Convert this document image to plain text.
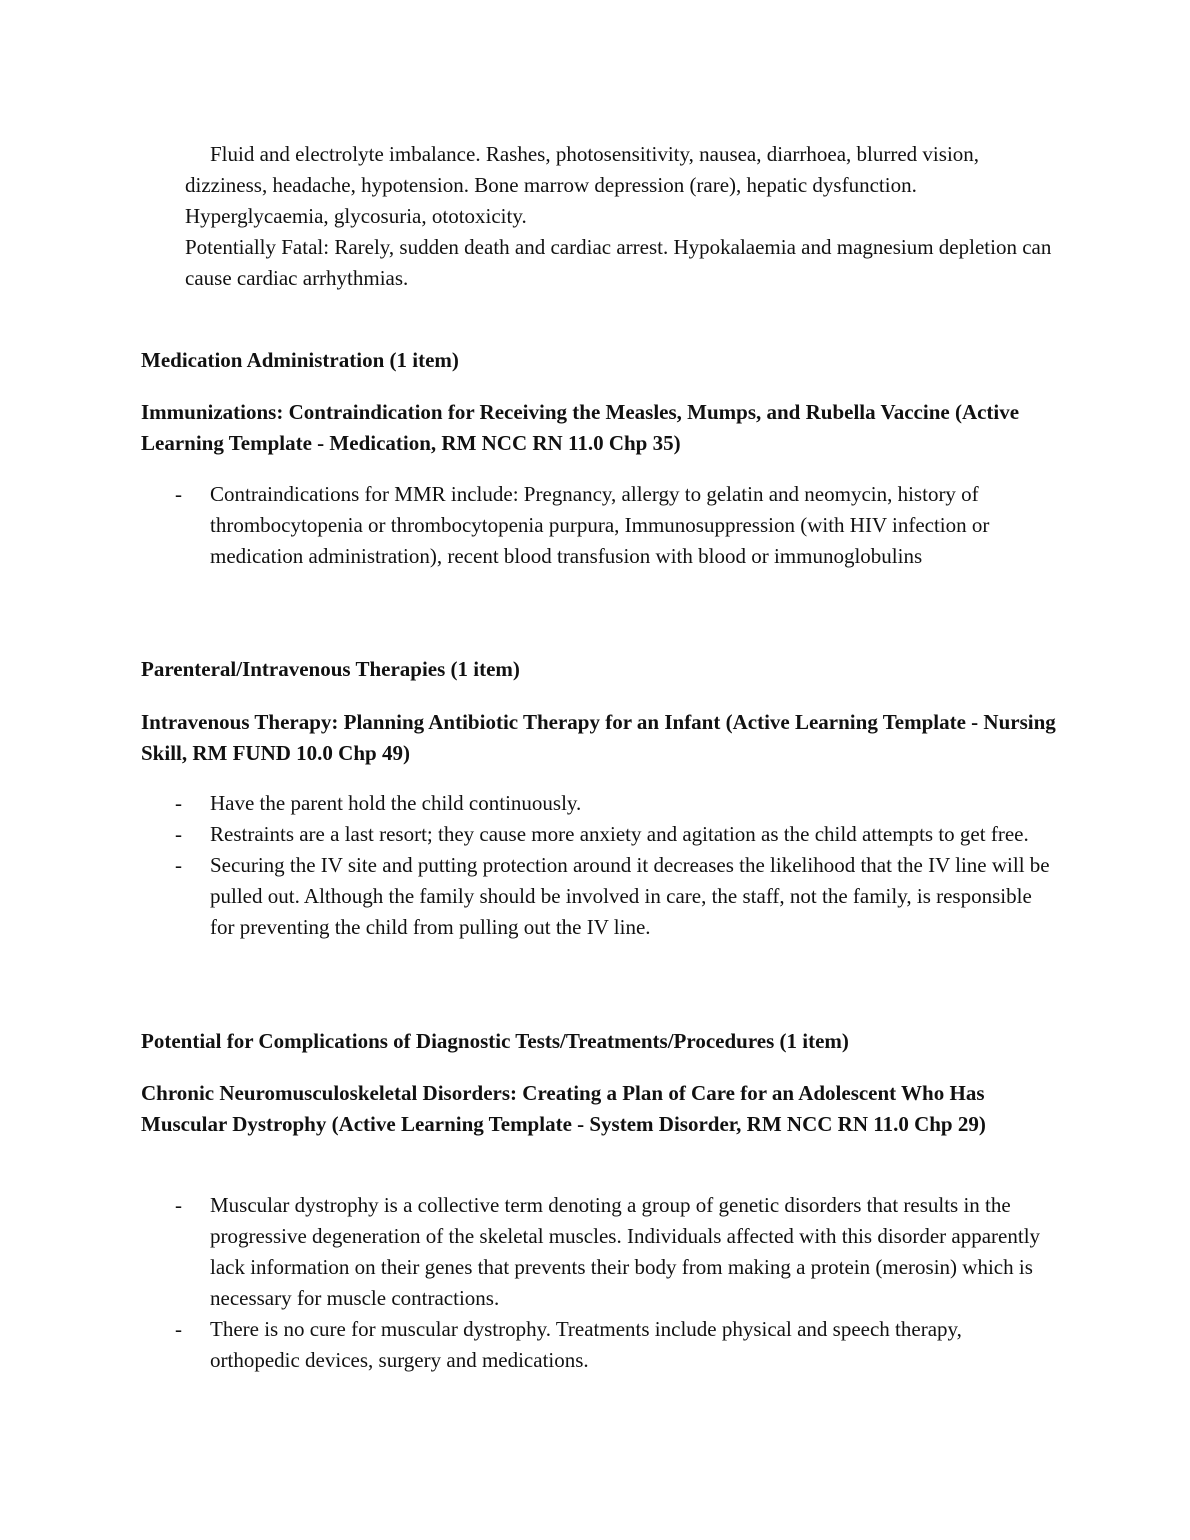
Fluid and electrolyte imbalance. Rashes, photosensitivity, nausea, diarrhoea, blurred vision, dizziness, headache, hypotension. Bone marrow depression (rare), hepatic dysfunction. Hyperglycaemia, glycosuria, ototoxicity.

Potentially Fatal: Rarely, sudden death and cardiac arrest. Hypokalaemia and magnesium depletion can cause cardiac arrhythmias.

Medication Administration (1 item)

Immunizations: Contraindication for Receiving the Measles, Mumps, and Rubella Vaccine (Active Learning Template - Medication, RM NCC RN 11.0 Chp 35)

- Contraindications for MMR include: Pregnancy, allergy to gelatin and neomycin, history of thrombocytopenia or thrombocytopenia purpura, Immunosuppression (with HIV infection or medication administration), recent blood transfusion with blood or immunoglobulins

Parenteral/Intravenous Therapies (1 item)

Intravenous Therapy: Planning Antibiotic Therapy for an Infant (Active Learning Template - Nursing Skill, RM FUND 10.0 Chp 49)

- Have the parent hold the child continuously.
- Restraints are a last resort; they cause more anxiety and agitation as the child attempts to get free.
- Securing the IV site and putting protection around it decreases the likelihood that the IV line will be pulled out. Although the family should be involved in care, the staff, not the family, is responsible for preventing the child from pulling out the IV line.

Potential for Complications of Diagnostic Tests/Treatments/Procedures (1 item)

Chronic Neuromusculoskeletal Disorders: Creating a Plan of Care for an Adolescent Who Has Muscular Dystrophy (Active Learning Template - System Disorder, RM NCC RN 11.0 Chp 29)

- Muscular dystrophy is a collective term denoting a group of genetic disorders that results in the progressive degeneration of the skeletal muscles. Individuals affected with this disorder apparently lack information on their genes that prevents their body from making a protein (merosin) which is necessary for muscle contractions.
- There is no cure for muscular dystrophy. Treatments include physical and speech therapy, orthopedic devices, surgery and medications.
